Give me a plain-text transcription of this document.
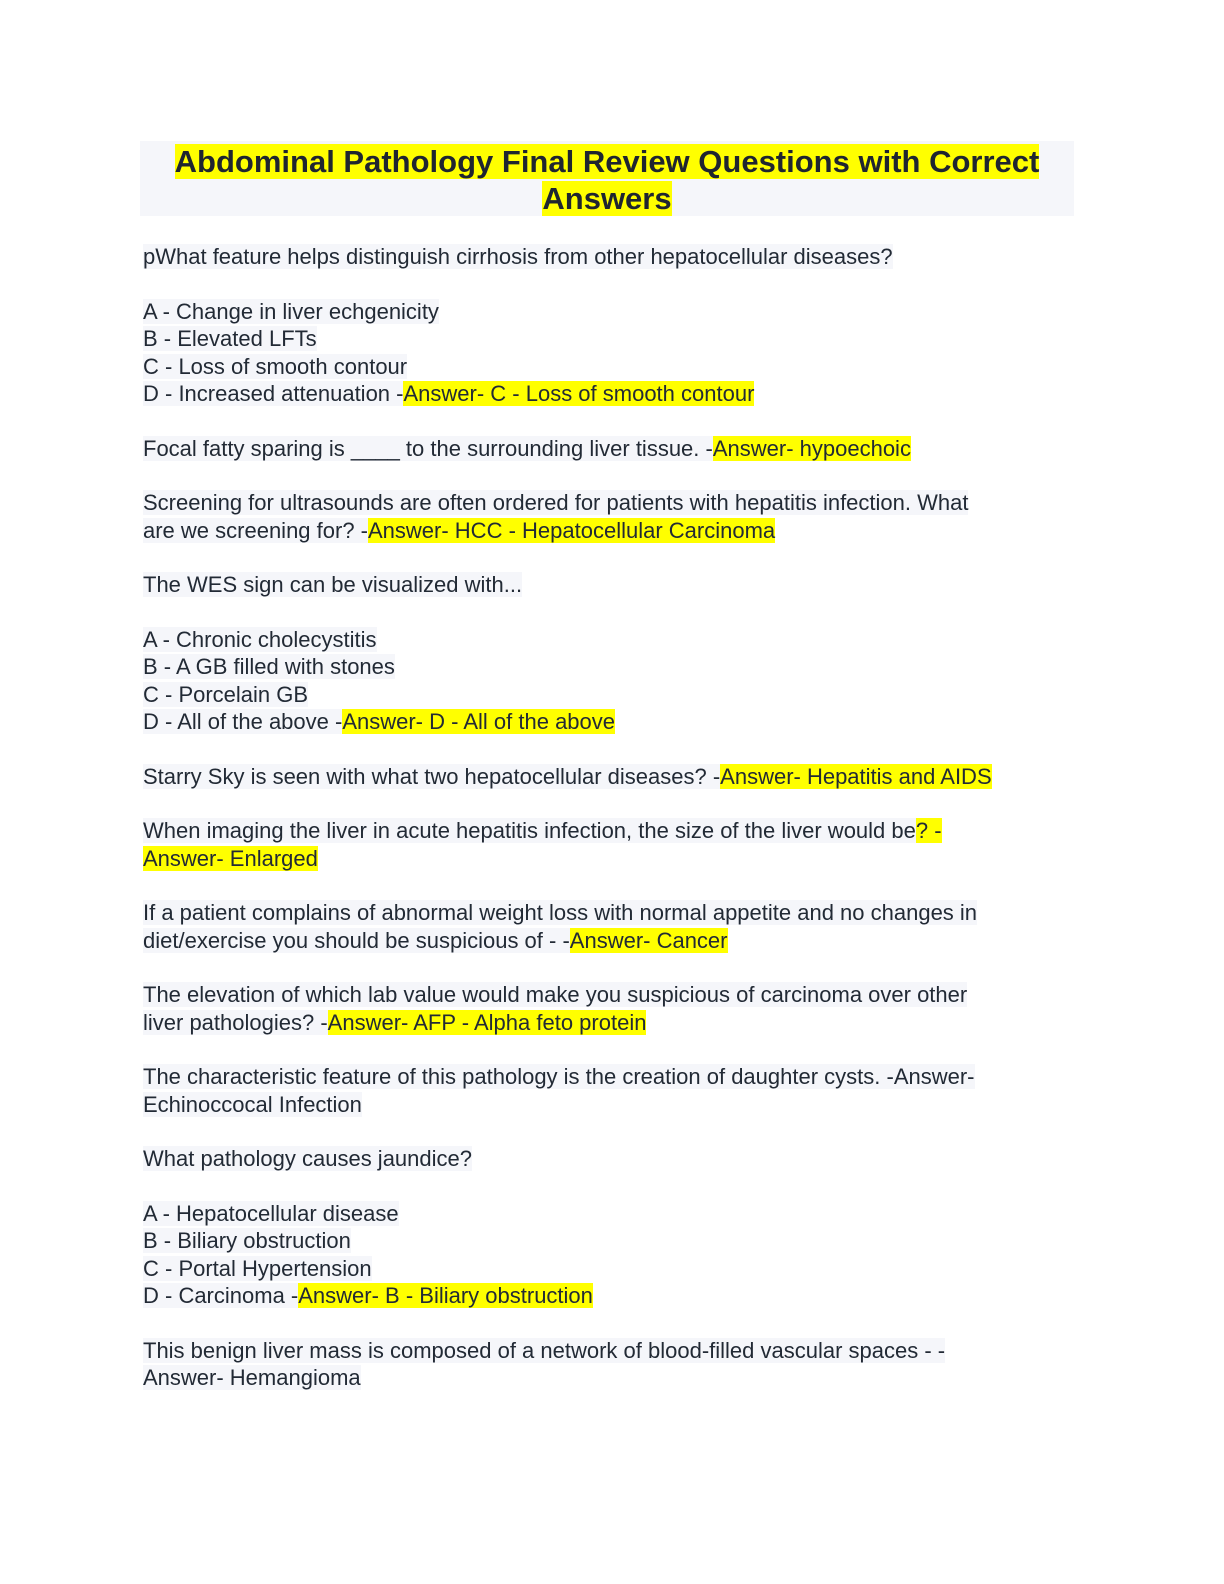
Abdominal Pathology Final Review Questions with Correct
Answers
pWhat feature helps distinguish cirrhosis from other hepatocellular diseases?
A - Change in liver echgenicity
B - Elevated LFTs
C - Loss of smooth contour
D - Increased attenuation -Answer- C - Loss of smooth contour
Focal fatty sparing is ____ to the surrounding liver tissue. -Answer- hypoechoic
Screening for ultrasounds are often ordered for patients with hepatitis infection. What
are we screening for? -Answer- HCC - Hepatocellular Carcinoma
The WES sign can be visualized with...
A - Chronic cholecystitis
B - A GB filled with stones
C - Porcelain GB
D - All of the above -Answer- D - All of the above
Starry Sky is seen with what two hepatocellular diseases? -Answer- Hepatitis and AIDS
When imaging the liver in acute hepatitis infection, the size of the liver would be? -
Answer- Enlarged
If a patient complains of abnormal weight loss with normal appetite and no changes in
diet/exercise you should be suspicious of - -Answer- Cancer
The elevation of which lab value would make you suspicious of carcinoma over other
liver pathologies? -Answer- AFP - Alpha feto protein
The characteristic feature of this pathology is the creation of daughter cysts. -Answer-
Echinoccocal Infection
What pathology causes jaundice?
A - Hepatocellular disease
B - Biliary obstruction
C - Portal Hypertension
D - Carcinoma -Answer- B - Biliary obstruction
This benign liver mass is composed of a network of blood-filled vascular spaces - -
Answer- Hemangioma
